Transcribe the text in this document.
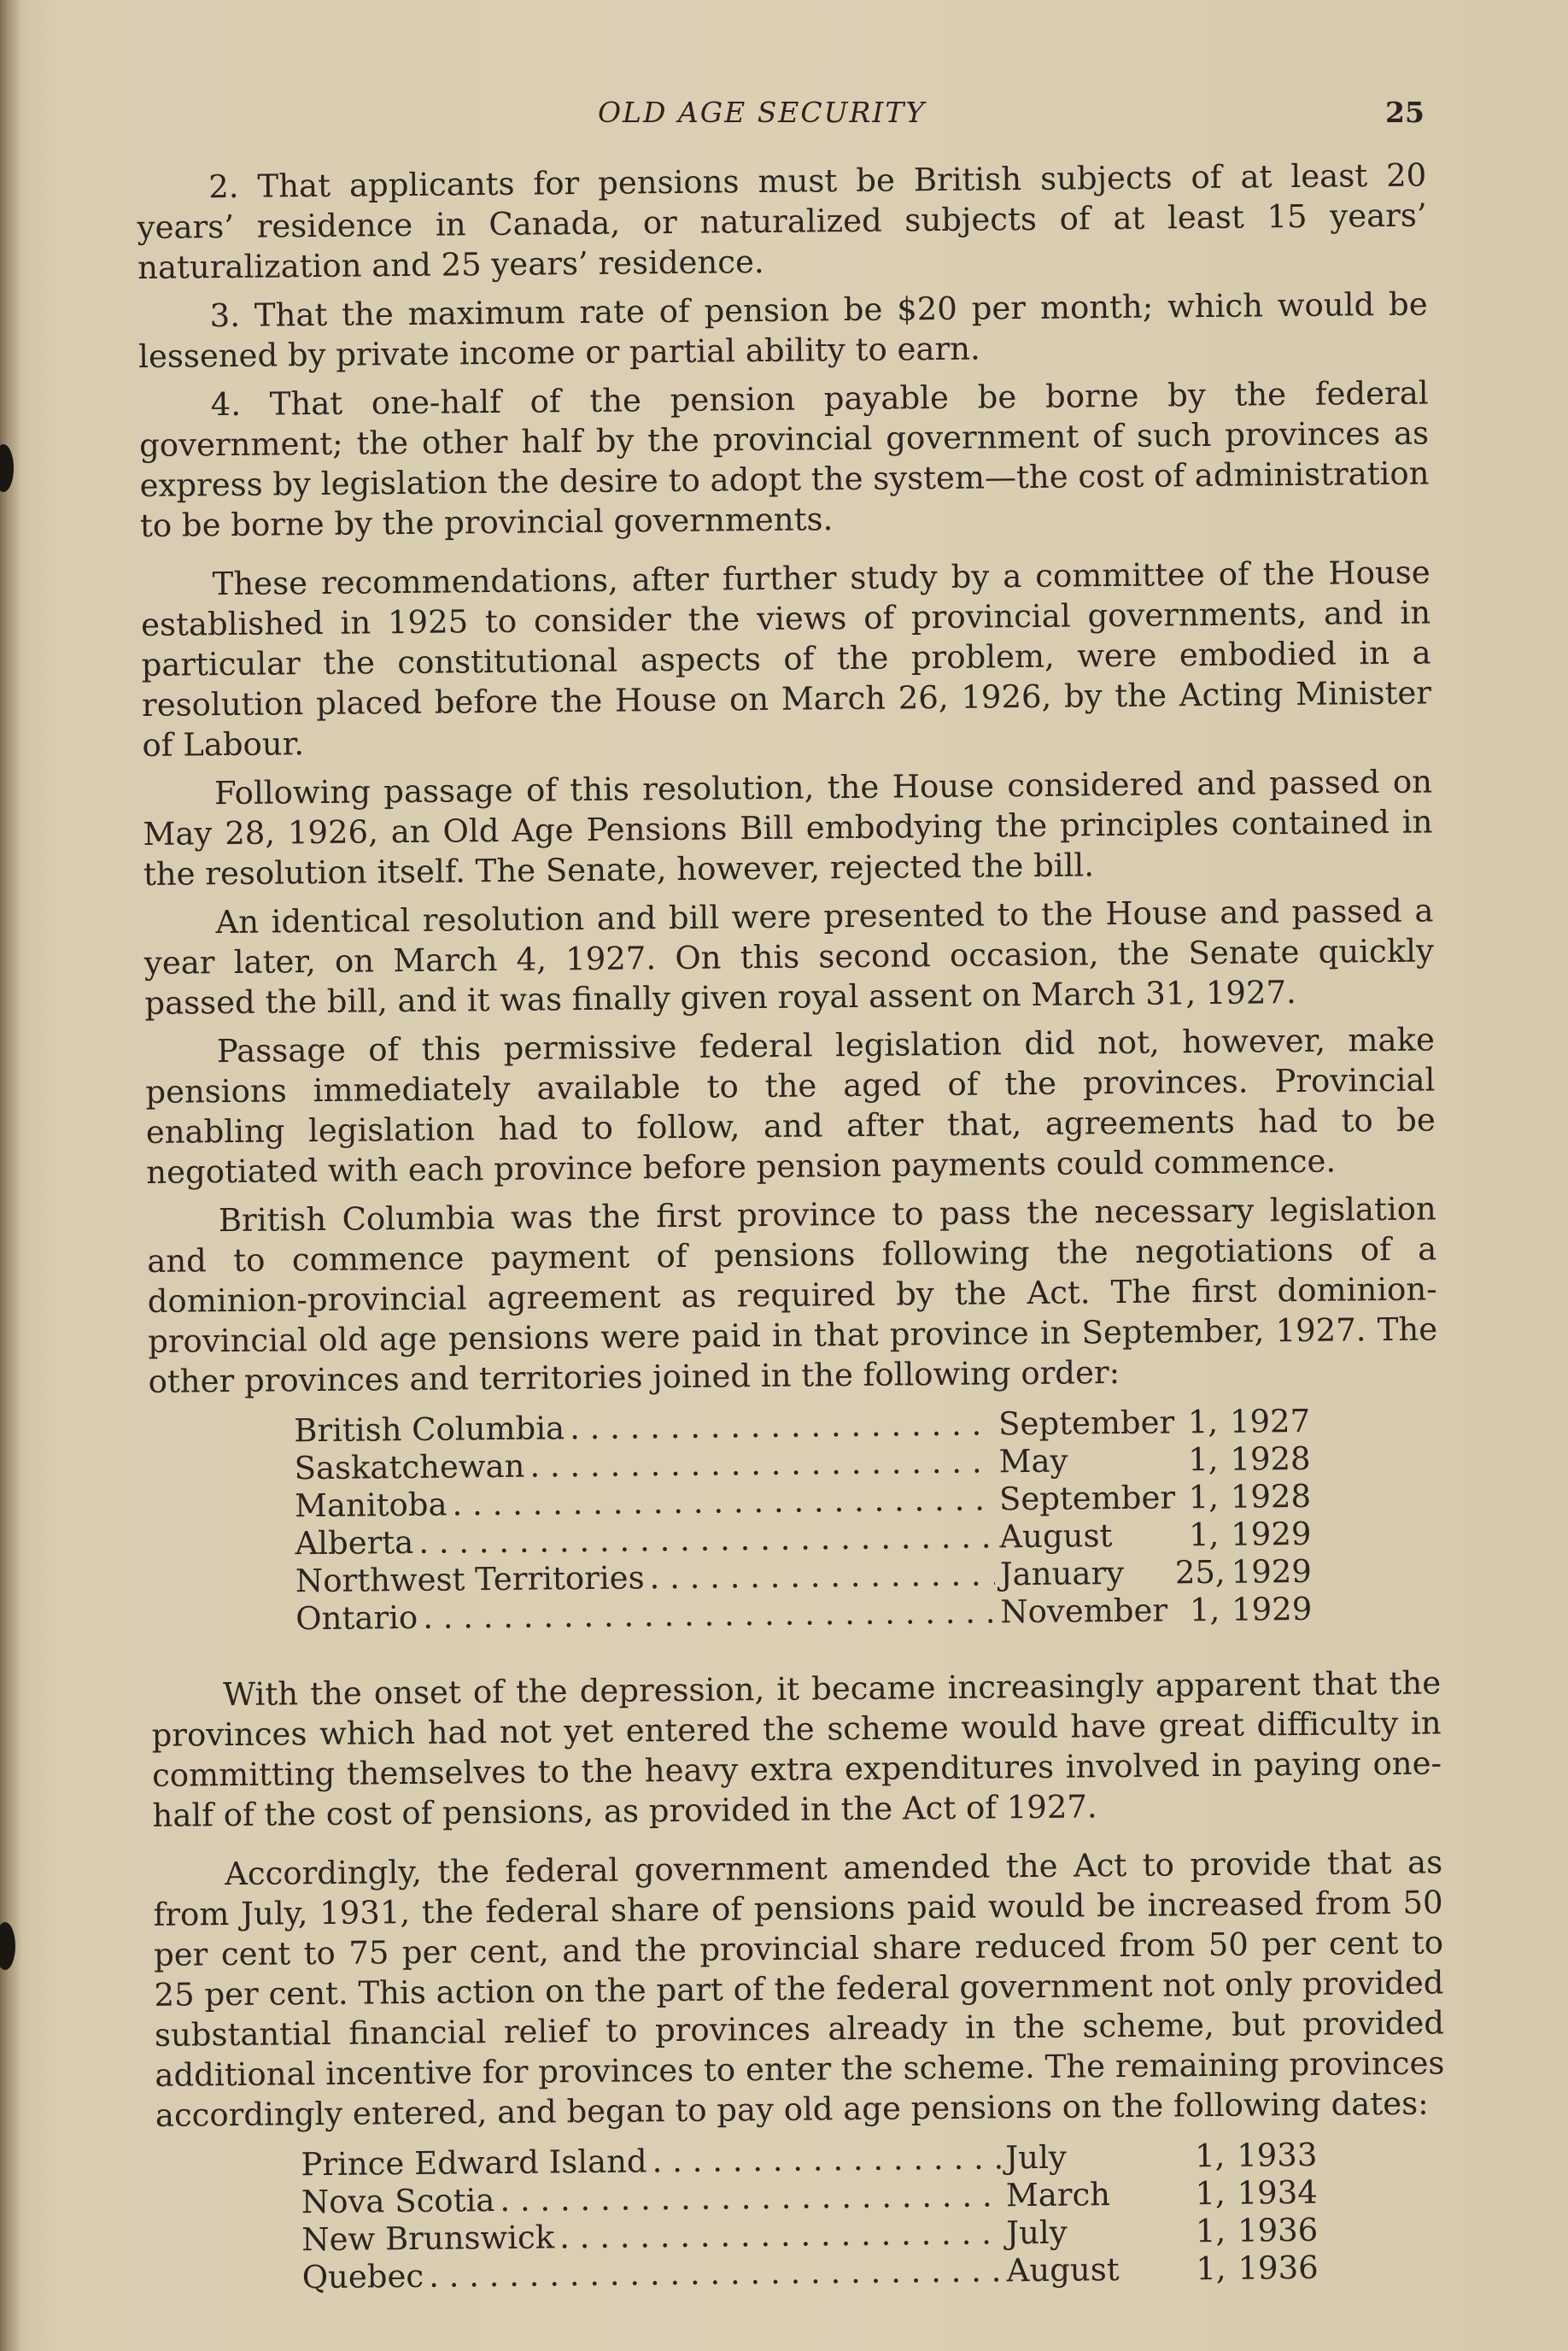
OLD AGE SECURITY	25

2. That applicants for pensions must be British subjects of at least 20 years’ residence in Canada, or naturalized subjects of at least 15 years’ naturalization and 25 years’ residence.

3. That the maximum rate of pension be $20 per month; which would be lessened by private income or partial ability to earn.

4. That one-half of the pension payable be borne by the federal government; the other half by the provincial government of such provinces as express by legislation the desire to adopt the system—the cost of administration to be borne by the provincial governments.

These recommendations, after further study by a committee of the House established in 1925 to consider the views of provincial governments, and in particular the constitutional aspects of the problem, were embodied in a resolution placed before the House on March 26, 1926, by the Acting Minister of Labour.

Following passage of this resolution, the House considered and passed on May 28, 1926, an Old Age Pensions Bill embodying the principles contained in the resolution itself. The Senate, however, rejected the bill.

An identical resolution and bill were presented to the House and passed a year later, on March 4, 1927. On this second occasion, the Senate quickly passed the bill, and it was finally given royal assent on March 31, 1927.

Passage of this permissive federal legislation did not, however, make pensions immediately available to the aged of the provinces. Provincial enabling legislation had to follow, and after that, agreements had to be negotiated with each province before pension payments could commence.

British Columbia was the first province to pass the necessary legislation and to commence payment of pensions following the negotiations of a dominion-provincial agreement as required by the Act. The first dominion-provincial old age pensions were paid in that province in September, 1927. The other provinces and territories joined in the following order:

British Columbia . . .	September 1, 1927
Saskatchewan . . .	May	1, 1928
Manitoba . . .	September 1, 1928
Alberta . . .	August	1, 1929
Northwest Territories . . .	January	25, 1929
Ontario . . .	November 1, 1929

With the onset of the depression, it became increasingly apparent that the provinces which had not yet entered the scheme would have great difficulty in committing themselves to the heavy extra expenditures involved in paying one-half of the cost of pensions, as provided in the Act of 1927.

Accordingly, the federal government amended the Act to provide that as from July, 1931, the federal share of pensions paid would be increased from 50 per cent to 75 per cent, and the provincial share reduced from 50 per cent to 25 per cent. This action on the part of the federal government not only provided substantial financial relief to provinces already in the scheme, but provided additional incentive for provinces to enter the scheme. The remaining provinces accordingly entered, and began to pay old age pensions on the following dates:

Prince Edward Island . . .	July	1, 1933
Nova Scotia . . .	March	1, 1934
New Brunswick . . .	July	1, 1936
Quebec . . .	August	1, 1936
